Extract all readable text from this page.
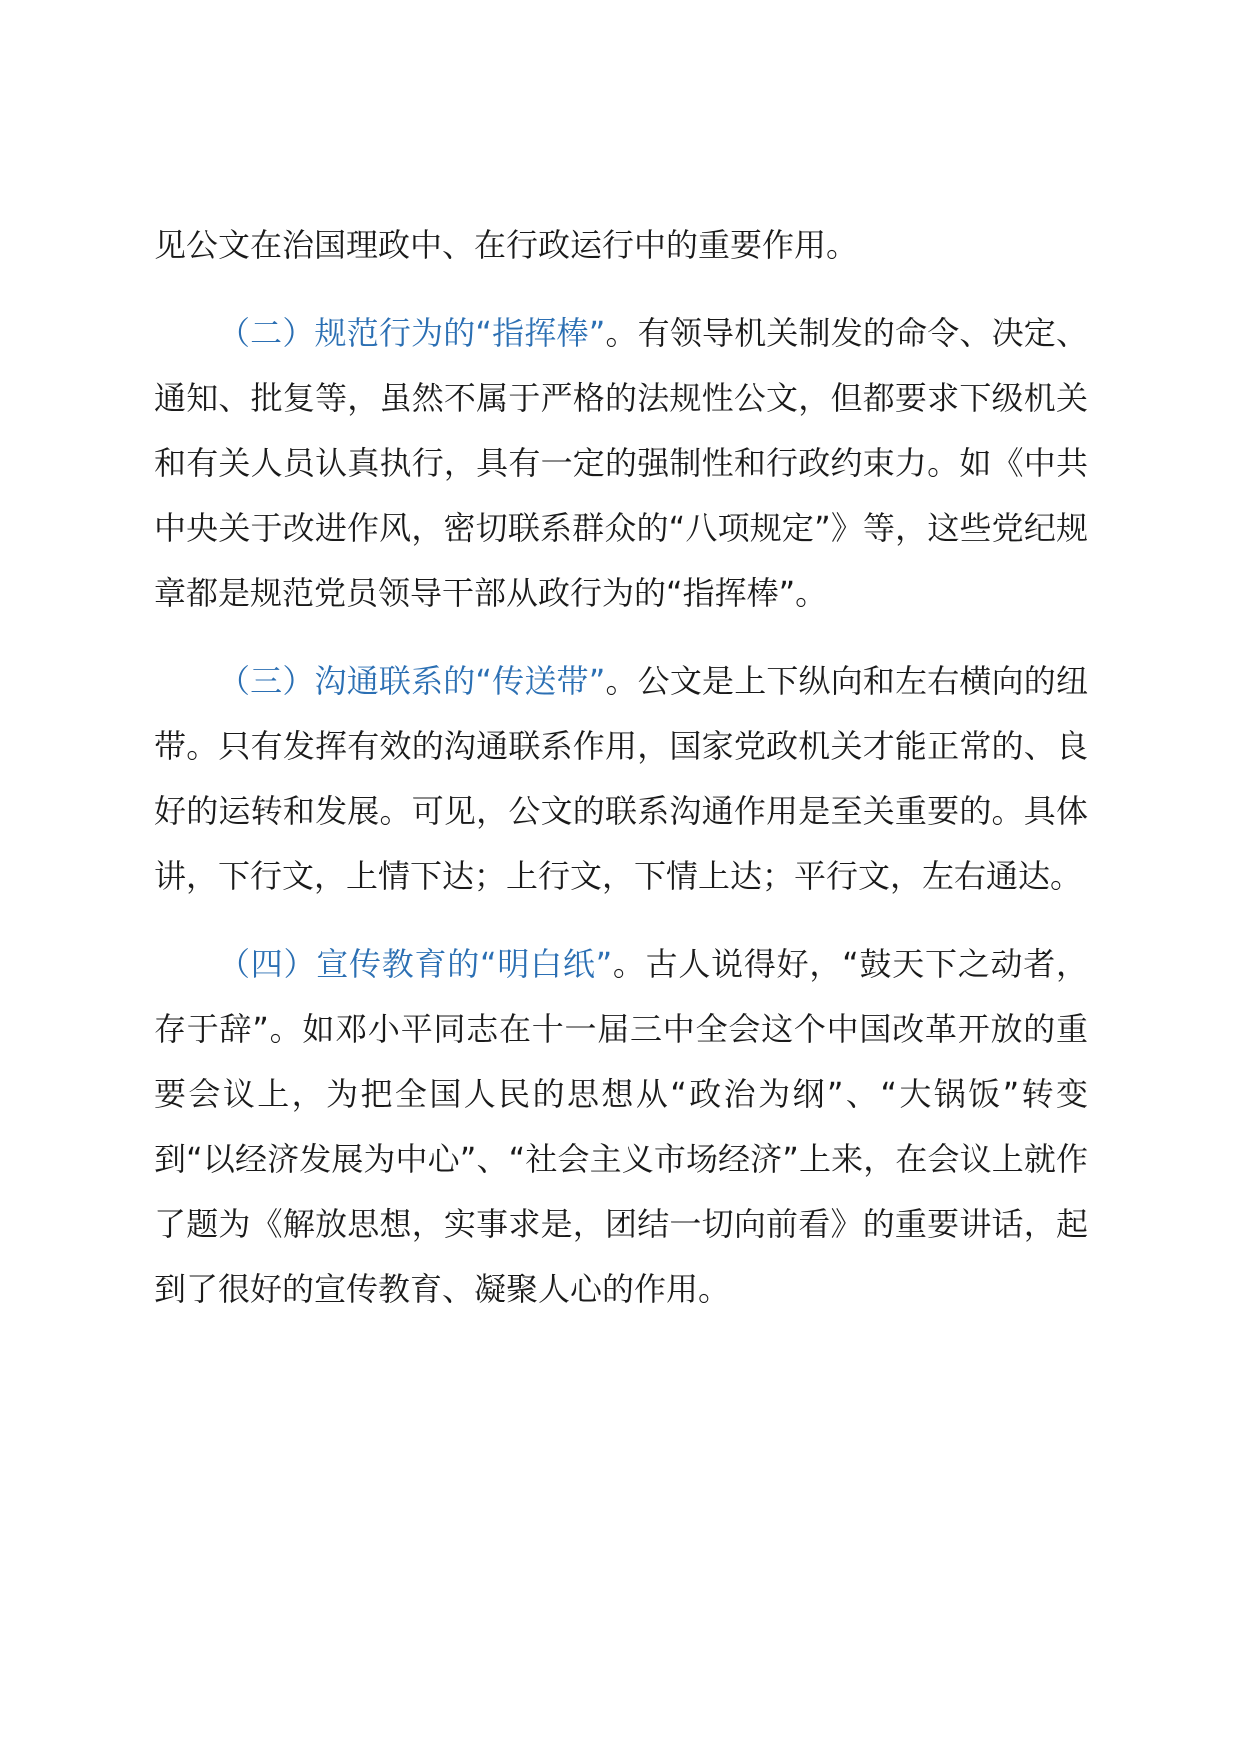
见公文在治国理政中、在行政运行中的重要作用。

（二）规范行为的“指挥棒”。有领导机关制发的命令、决定、通知、批复等，虽然不属于严格的法规性公文，但都要求下级机关和有关人员认真执行，具有一定的强制性和行政约束力。如《中共中央关于改进作风，密切联系群众的“八项规定”》等，这些党纪规章都是规范党员领导干部从政行为的“指挥棒”。

（三）沟通联系的“传送带”。公文是上下纵向和左右横向的纽带。只有发挥有效的沟通联系作用，国家党政机关才能正常的、良好的运转和发展。可见，公文的联系沟通作用是至关重要的。具体讲，下行文，上情下达；上行文，下情上达；平行文，左右通达。

（四）宣传教育的“明白纸”。古人说得好，“鼓天下之动者，存于辞”。如邓小平同志在十一届三中全会这个中国改革开放的重要会议上，为把全国人民的思想从“政治为纲”、“大锅饭”转变到“以经济发展为中心”、“社会主义市场经济”上来，在会议上就作了题为《解放思想，实事求是，团结一切向前看》的重要讲话，起到了很好的宣传教育、凝聚人心的作用。
